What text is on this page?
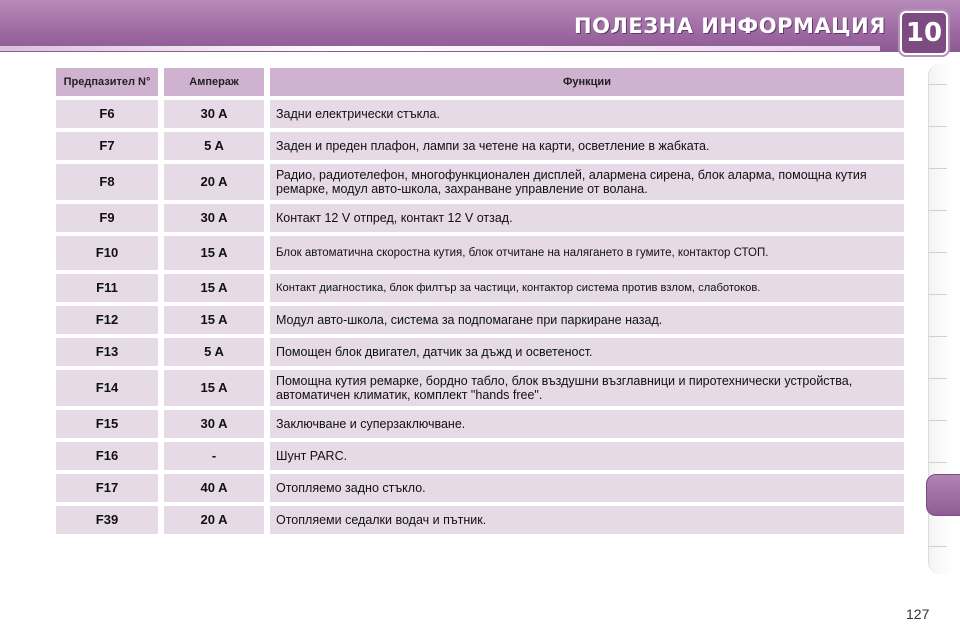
ПОЛЕЗНА ИНФОРМАЦИЯ 10
Предпазител N°	Ампераж	Функции
F6	30 A	Задни електрически стъкла.
F7	5 A	Заден и преден плафон, лампи за четене на карти, осветление в жабката.
F8	20 A	Радио, радиотелефон, многофункционален дисплей, алармена сирена, блок аларма, помощна кутия ремарке, модул авто-школа, захранване управление от волана.
F9	30 A	Контакт 12 V отпред, контакт 12 V отзад.
F10	15 A	Блок автоматична скоростна кутия, блок отчитане на налягането в гумите, контактор СТОП.
F11	15 A	Контакт диагностика, блок филтър за частици, контактор система против взлом, слаботоков.
F12	15 A	Модул авто-школа, система за подпомагане при паркиране назад.
F13	5 A	Помощен блок двигател, датчик за дъжд и осветеност.
F14	15 A	Помощна кутия ремарке, бордно табло, блок въздушни възглавници и пиротехнически устройства, автоматичен климатик, комплект "hands free".
F15	30 A	Заключване и суперзаключване.
F16	-	Шунт PARC.
F17	40 A	Отопляемо задно стъкло.
F39	20 A	Отопляеми седалки водач и пътник.
127
